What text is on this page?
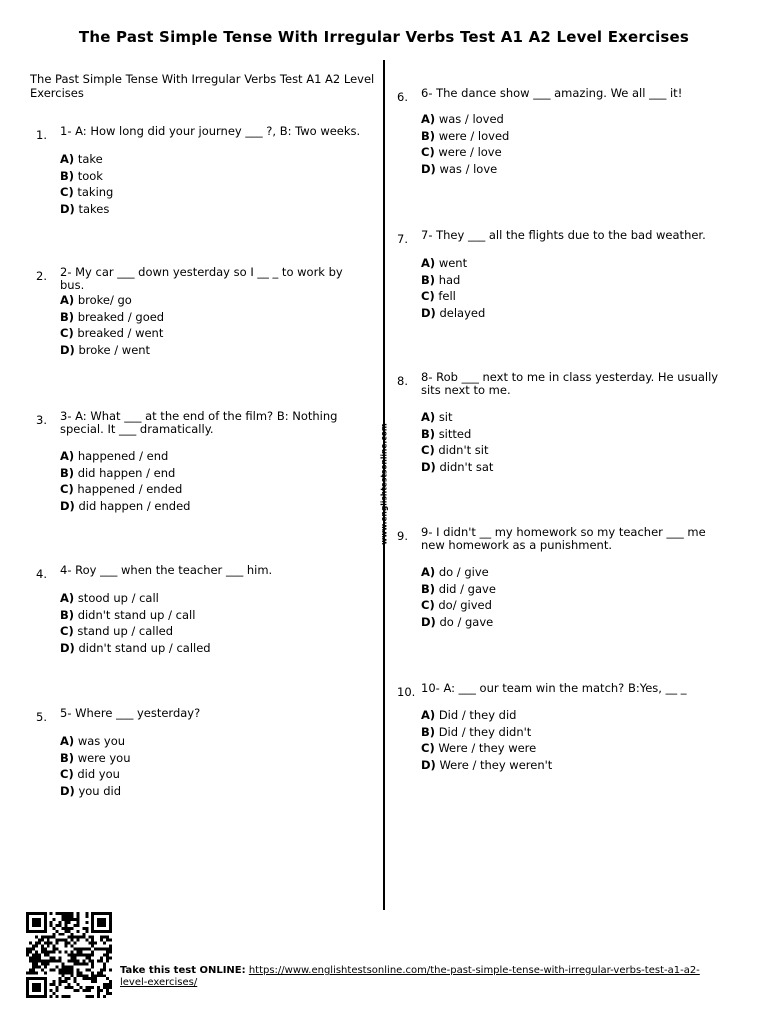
The Past Simple Tense With Irregular Verbs Test A1 A2 Level Exercises
The Past Simple Tense With Irregular Verbs Test A1 A2 Level Exercises
www.englishtestsonline.com
1. 1- A: How long did your journey ___ ?, B: Two weeks.
A) take
B) took
C) taking
D) takes
2. 2- My car ___ down yesterday so I __ _ to work by bus.
A) broke/ go
B) breaked / goed
C) breaked / went
D) broke / went
3. 3- A: What ___ at the end of the film? B: Nothing special. It ___ dramatically.
A) happened / end
B) did happen / end
C) happened / ended
D) did happen / ended
4. 4- Roy ___ when the teacher ___ him.
A) stood up / call
B) didn't stand up / call
C) stand up / called
D) didn't stand up / called
5. 5- Where ___ yesterday?
A) was you
B) were you
C) did you
D) you did
6. 6- The dance show ___ amazing. We all ___ it!
A) was / loved
B) were / loved
C) were / love
D) was / love
7. 7- They ___ all the flights due to the bad weather.
A) went
B) had
C) fell
D) delayed
8. 8- Rob ___ next to me in class yesterday. He usually sits next to me.
A) sit
B) sitted
C) didn't sit
D) didn't sat
9. 9- I didn't __ my homework so my teacher ___ me new homework as a punishment.
A) do / give
B) did / gave
C) do/ gived
D) do / gave
10. 10- A: ___ our team win the match? B:Yes, __ _
A) Did / they did
B) Did / they didn't
C) Were / they were
D) Were / they weren't
Take this test ONLINE: https://www.englishtestsonline.com/the-past-simple-tense-with-irregular-verbs-test-a1-a2-level-exercises/
